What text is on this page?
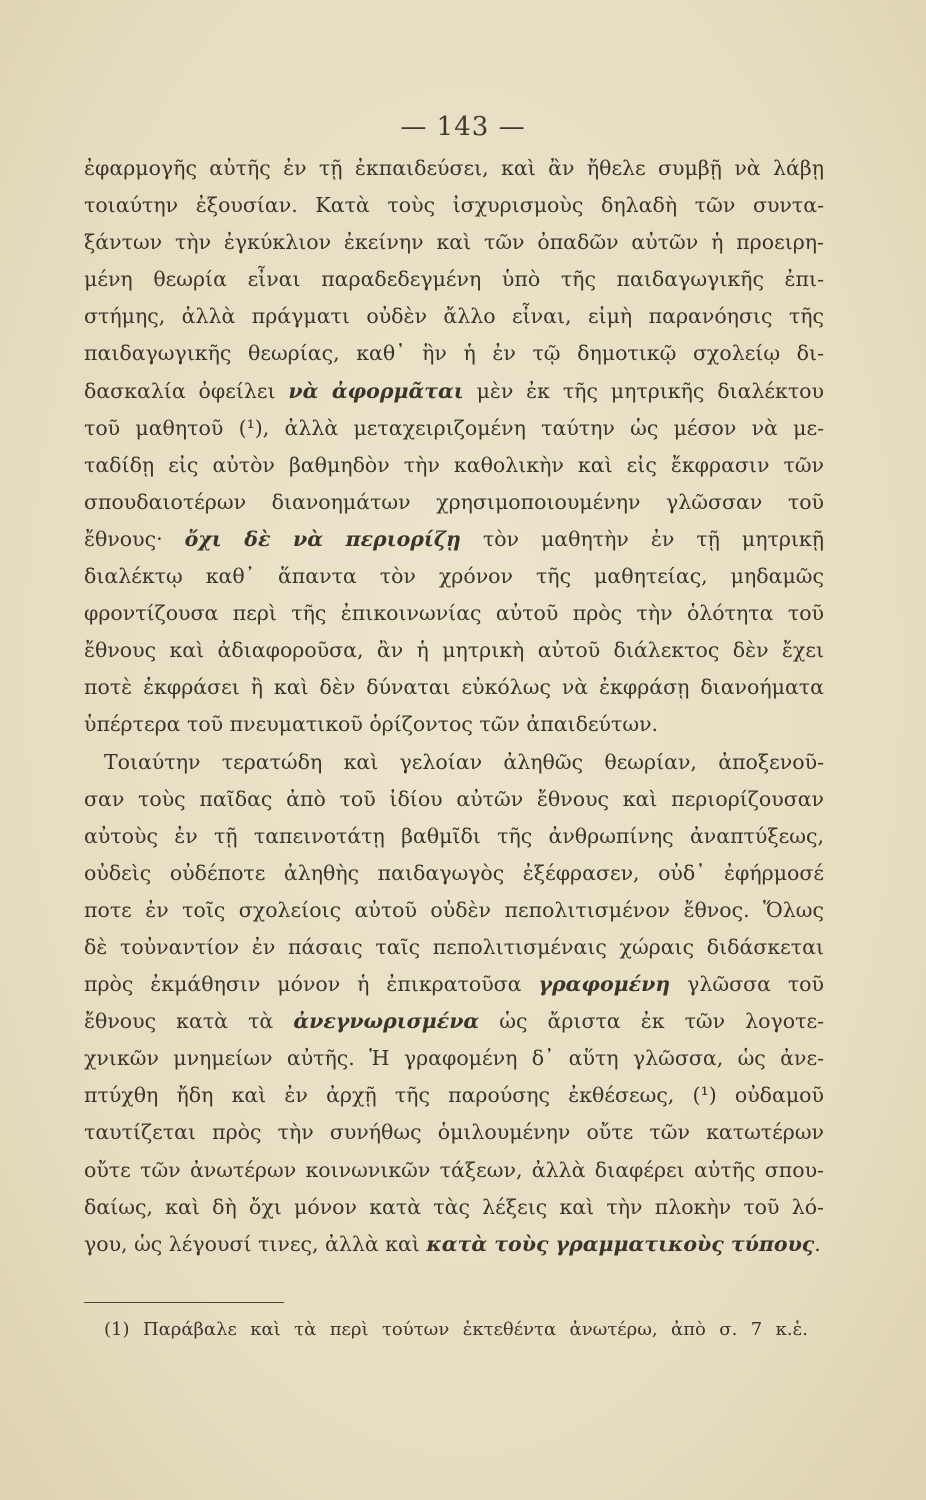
— 143 —
ἐφαρμογῆς αὐτῆς ἐν τῇ ἐκπαιδεύσει, καὶ ἂν ἤθελε συμβῇ νὰ λάβῃ
τοιαύτην ἐξουσίαν. Κατὰ τοὺς ἰσχυρισμοὺς δηλαδὴ τῶν συντα-
ξάντων τὴν ἐγκύκλιον ἐκείνην καὶ τῶν ὀπαδῶν αὐτῶν ἡ προειρη-
μένη θεωρία εἶναι παραδεδεγμένη ὑπὸ τῆς παιδαγωγικῆς ἐπι-
στήμης, ἀλλὰ πράγματι οὐδὲν ἄλλο εἶναι, εἰμὴ παρανόησις τῆς
παιδαγωγικῆς θεωρίας, καθ᾽ ἣν ἡ ἐν τῷ δημοτικῷ σχολείῳ δι-
δασκαλία ὀφείλει νὰ ἀφορμᾶται μὲν ἐκ τῆς μητρικῆς διαλέκτου
τοῦ μαθητοῦ (¹), ἀλλὰ μεταχειριζομένη ταύτην ὡς μέσον νὰ με-
ταδίδῃ εἰς αὐτὸν βαθμηδὸν τὴν καθολικὴν καὶ εἰς ἔκφρασιν τῶν
σπουδαιοτέρων διανοημάτων χρησιμοποιουμένην γλῶσσαν τοῦ
ἔθνους· ὄχι δὲ νὰ περιορίζῃ τὸν μαθητὴν ἐν τῇ μητρικῇ
διαλέκτῳ καθ᾽ ἅπαντα τὸν χρόνον τῆς μαθητείας, μηδαμῶς
φροντίζουσα περὶ τῆς ἐπικοινωνίας αὐτοῦ πρὸς τὴν ὁλότητα τοῦ
ἔθνους καὶ ἀδιαφοροῦσα, ἂν ἡ μητρικὴ αὐτοῦ διάλεκτος δὲν ἔχει
ποτὲ ἐκφράσει ἢ καὶ δὲν δύναται εὐκόλως νὰ ἐκφράσῃ διανοήματα
ὑπέρτερα τοῦ πνευματικοῦ ὁρίζοντος τῶν ἀπαιδεύτων.
Τοιαύτην τερατώδη καὶ γελοίαν ἀληθῶς θεωρίαν, ἀποξενοῦ-
σαν τοὺς παῖδας ἀπὸ τοῦ ἰδίου αὐτῶν ἔθνους καὶ περιορίζουσαν
αὐτοὺς ἐν τῇ ταπεινοτάτῃ βαθμῖδι τῆς ἀνθρωπίνης ἀναπτύξεως,
οὐδεὶς οὐδέποτε ἀληθὴς παιδαγωγὸς ἐξέφρασεν, οὐδ᾽ ἐφήρμοσέ
ποτε ἐν τοῖς σχολείοις αὐτοῦ οὐδὲν πεπολιτισμένον ἔθνος. Ὅλως
δὲ τοὐναντίον ἐν πάσαις ταῖς πεπολιτισμέναις χώραις διδάσκεται
πρὸς ἐκμάθησιν μόνον ἡ ἐπικρατοῦσα γραφομένη γλῶσσα τοῦ
ἔθνους κατὰ τὰ ἀνεγνωρισμένα ὡς ἄριστα ἐκ τῶν λογοτε-
χνικῶν μνημείων αὐτῆς. Ἡ γραφομένη δ᾽ αὕτη γλῶσσα, ὡς ἀνε-
πτύχθη ἤδη καὶ ἐν ἀρχῇ τῆς παρούσης ἐκθέσεως, (¹) οὐδαμοῦ
ταυτίζεται πρὸς τὴν συνήθως ὁμιλουμένην οὔτε τῶν κατωτέρων
οὔτε τῶν ἀνωτέρων κοινωνικῶν τάξεων, ἀλλὰ διαφέρει αὐτῆς σπου-
δαίως, καὶ δὴ ὄχι μόνον κατὰ τὰς λέξεις καὶ τὴν πλοκὴν τοῦ λό-
γου, ὡς λέγουσί τινες, ἀλλὰ καὶ κατὰ τοὺς γραμματικοὺς τύπους.
(1) Παράβαλε καὶ τὰ περὶ τούτων ἐκτεθέντα ἀνωτέρω, ἀπὸ σ. 7 κ.ἑ.
